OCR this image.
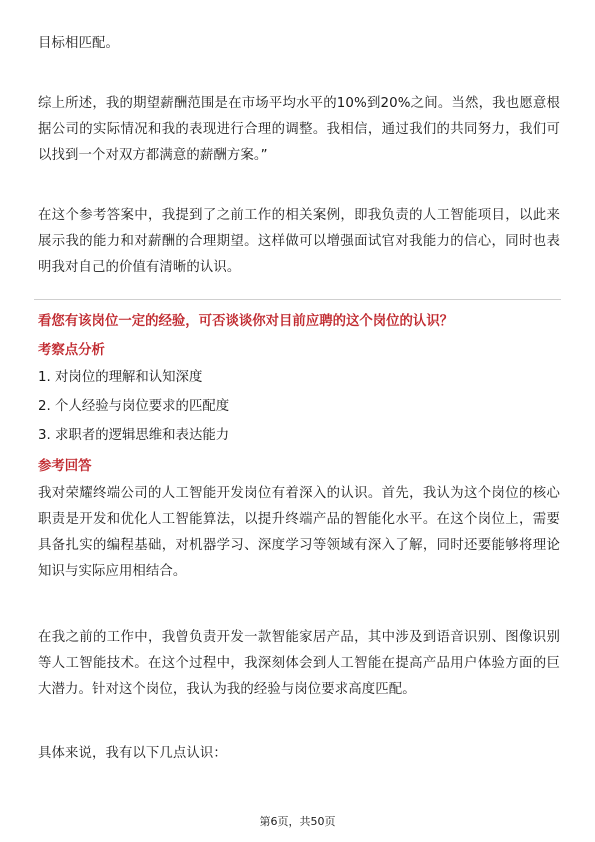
目标相匹配。

综上所述，我的期望薪酬范围是在市场平均水平的10%到20%之间。当然，我也愿意根据公司的实际情况和我的表现进行合理的调整。我相信，通过我们的共同努力，我们可以找到一个对双方都满意的薪酬方案。”

在这个参考答案中，我提到了之前工作的相关案例，即我负责的人工智能项目，以此来展示我的能力和对薪酬的合理期望。这样做可以增强面试官对我能力的信心，同时也表明我对自己的价值有清晰的认识。

看您有该岗位一定的经验，可否谈谈你对目前应聘的这个岗位的认识？

考察点分析

1. 对岗位的理解和认知深度

2. 个人经验与岗位要求的匹配度

3. 求职者的逻辑思维和表达能力

参考回答

我对荣耀终端公司的人工智能开发岗位有着深入的认识。首先，我认为这个岗位的核心职责是开发和优化人工智能算法，以提升终端产品的智能化水平。在这个岗位上，需要具备扎实的编程基础，对机器学习、深度学习等领域有深入了解，同时还要能够将理论知识与实际应用相结合。

在我之前的工作中，我曾负责开发一款智能家居产品，其中涉及到语音识别、图像识别等人工智能技术。在这个过程中，我深刻体会到人工智能在提高产品用户体验方面的巨大潜力。针对这个岗位，我认为我的经验与岗位要求高度匹配。

具体来说，我有以下几点认识：

第6页，共50页
